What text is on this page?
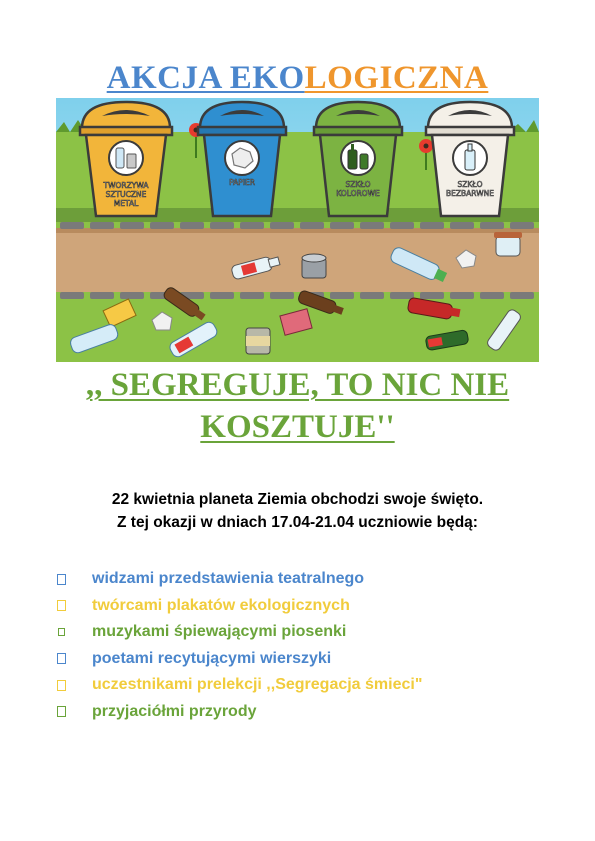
AKCJA EKOLOGICZNA
TWORZYWA
SZTUCZNE
METAL
PAPIER	SZKŁO
KOLOROWE
SZKŁO
BEZBARWNE
,, SEGREGUJE, TO NIC NIE
KOSZTUJE''
22 kwietnia planeta Ziemia obchodzi swoje święto.
Z tej okazji w dniach 17.04-21.04 uczniowie będą:
widzami przedstawienia teatralnego
twórcami plakatów ekologicznych
muzykami śpiewającymi piosenki
poetami recytującymi wierszyki
uczestnikami prelekcji ,,Segregacja śmieci"
przyjaciółmi przyrody
